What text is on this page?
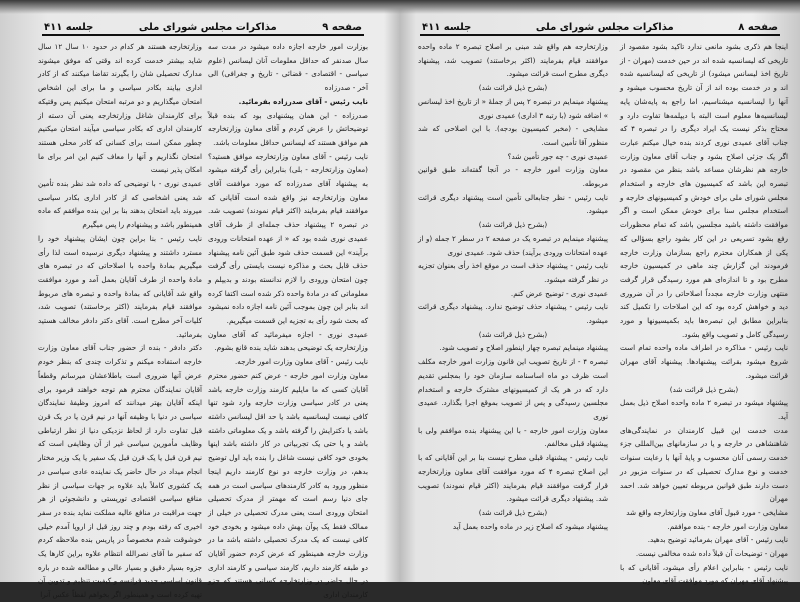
صفحه ۹
مذاکرات مجلس شورای ملی
جلسه ۴۱۱

بوزارت امور خارجه اجازه داده میشود در مدت سه سال صدنفر که حداقل معلومات آنان لیسانس (علوم سیاسی - اقتصادی - قضائی - تاریخ و جغرافی) الی آخر - صدرزاده

نایب رئیس - آقای صدرزاده بفرمائید.

صدرزاده - این همان پیشنهادی بود که بنده قبلاً توضیحاتش را عرض کردم و آقای معاون وزارتخارجه هم موافق هستند که لیسانس حداقل معلومات باشد.

نایب رئیس - آقای معاون وزارتخارجه موافق هستید؟ (معاون وزارتخارجه - بلی) بنابراین رأی گرفته میشود به پیشنهاد آقای صدرزاده که مورد موافقت آقای معاون وزارتخارجه نیز واقع شده است آقایانی که موافقند قیام بفرمایند (اکثر قیام نمودند) تصویب شد. در تبصره ۲ پیشنهاد حذف جمله‌ای از طرف آقای عمیدی نوری شده بود که « از عهده امتحانات ورودی برآیند» این قسمت حذف شود طبق آئین نامه پیشنهاد حذف قابل بحث و مذاکره نیست بایستی رأی گرفت چون امتحان ورودی را لازم ندانسته بودند و بدیپلم و معلوماتی که در مادهٔ واحده ذکر شده است اکتفا کرده اند بنابر این چون بموجب آئین نامه اجازه داده نمیشود که بحث شود رأی به تجزیه این قسمت میگیریم.

عمیدی نوری - اجازه میفرمائید که آقای معاون وزارتخارجه یک توضیحی بدهند شاید بنده قانع بشوم.

نایب رئیس - آقای معاون وزارت امور خارجه.

معاون وزارت امور خارجه - عرض کنم حضور محترم آقایان کسی که ما مایلیم کارمند وزارت خارجه باشد یعنی در کادر سیاسی وزارت خارجه وارد شود تنها کافی نیست لیسانسیه باشد یا حد اقل لیسانس داشته باشد یا دکترایش را گرفته باشد و یک معلوماتی داشته باشد و یا حتی یک تجربیاتی در کار داشته باشد اینها بخودی خود کافی نیست شاغل را بنده باید اول توضیح بدهم، در وزارت خارجه دو نوع کارمند داریم اینجا منظور ورود به کادر کارمندهای سیاسی است در همه جای دنیا رسم است که مهمتر از مدرک تحصیلی امتحان ورودی است یعنی مدرک تحصیلی در خیلی از ممالک فقط یک پوآن بهش داده میشود و بخودی خود کافی نیست که یک مدرک تحصیلی داشته باشد ما در وزارت خارجه همینطور که عرض کردم حضور آقایان دو طبقه کارمند داریم، کارمند سیاسی و کارمند اداری در حال حاضر در وزارتخارجه کسانی هستند که جزو کارمندان اداری

وزارتخارجه هستند هر کدام در حدود ۱۰ سال ۱۲ سال شاید بیشتر خدمت کرده اند وقتی که موفق میشوند مدارک تحصیلی شان را بگیرند تقاضا میکنند که از کادر اداری بیایند بکادر سیاسی و ما برای این اشخاص امتحان میگذاریم و دو مرتبه امتحان میکنیم پس وقتیکه برای کارمندان شاغل وزارتخارجه یعنی آن دسته از کارمندان اداری که بکادر سیاسی میآیند امتحان میکنیم چطور ممکن است برای کسانی که کادر محلی هستند امتحان نگذاریم و آنها را معاف کنیم این امر برای ما امکان پذیر نیست

عمیدی نوری - با توضیحی که داده شد نظر بنده تأمین شد یعنی اشخاصی که از کادر اداری بکادر سیاسی میروند باید امتحان بدهند بنا بر این بنده موافقم که ماده همینطور باشد و پیشنهادم را پس میگیرم

نایب رئیس - بنا براین چون ایشان پیشنهاد خود را مسترد داشتند و پیشنهاد دیگری نرسیده است لذا رأی میگیریم بمادهٔ واحده با اصلاحاتی که در تبصره های مادهٔ واحده از طرف آقایان بعمل آمد و مورد موافقت واقع شد آقایانی که بمادهٔ واحده و تبصره های مربوط موافقند قیام بفرمایند (اکثر برخاستند) تصویب شد، کلیات آخر مطرح است. آقای دکتر دادفر مخالف هستید بفرمائید.

دکتر دادفر - بنده از حضور جناب آقای معاون وزارت خارجه استفاده میکنم و تذکرات چندی که بنظر خودم عرض آنها ضروری است باطلاعشان میرسانم وقطعاً آقایان نمایندگان محترم هم توجه خواهند فرمود برای اینکه آقایان بهتر میدانند که امروز وظیفهٔ نمایندگان سیاسی در دنیا با وظیفه آنها در نیم قرن یا در یک قرن قبل تفاوت دارد از لحاظ نزدیکی دنیا از نظر ارتباطی وظایف مأمورین سیاسی غیر از آن وظایفی است که نیم قرن قبل یا یک قرن قبل یک سفیر یا یک وزیر مختار انجام میداد در حال حاضر یک نماینده عادی سیاسی در یک کشوری کاملاً باید علاوه بر جهات سیاسی از نظر منافع سیاسی اقتصادی توریستی و دانشجوئی از هر جهت مراقبت در منافع عالیه مملکت نماید بنده در سفر اخیری که رفته بودم و چند روز قبل از اروپا آمدم خیلی خوشوقت شدم مخصوصاً در پاریس بنده ملاحظه کردم که سفیر ما آقای نصرالله انتظام علاوه براین کارها یک جزوه بسیار دقیق و بسیار عالی و مطالعه شده در باره قانون اساسی جدید فرانسه و کیفیت تنظیم و تدوین آن تهیه کرده است و همینطور اگر بخواهم لفظاً عکس آنرا

صفحه ۸
مذاکرات مجلس شورای ملی
جلسه ۴۱۱

اینجا هم ذکری بشود مانعی ندارد تاکید بشود مقصود از تاریخی که لیسانسیه شده اند در حین خدمت (مهران - از تاریخ اخذ لیسانس میشود) از تاریخی که لیسانسیه شده اند و در خدمت بوده اند از آن تاریخ محسوب میشود و آنها را لیسانسیه میشناسیم، اما راجع به پایه‌شان پایه لیسانسیه‌ها معلوم است البته با دیپلمه‌ها تفاوت دارد و محتاج بذکر نیست یک ایراد دیگری را در تبصره ۴ که جناب آقای عمیدی نوری کردند بنده خیال میکنم عبارت اگر یک جزئی اصلاح بشود و جناب آقای معاون وزارت خارجه هم نظرشان مساعد باشد بنظر من مقصود در تبصره این باشد که کمیسیون های خارجه و استخدام مجلس شورای ملی برای خودش و کمیسیونهای خارجه و استخدام مجلس سنا برای خودش ممکن است و اگر موافقت داشته باشید مجلسین باشد که تمام محظورات رفع بشود تسریعی در این کار بشود راجع بسؤالی که یکی از همکاران محترم راجع بسازمان وزارت خارجه فرمودند این گزارش چند ماهی در کمیسیون خارجه مطرح بود و تا اندازه‌ای هم مورد رسیدگی قرار گرفت منتهی وزارت خارجه مجدداً اصلاحاتی را در آن ضروری دید و خواهش کرده بود که این اصلاحات را تکمیل کند بنابراین مطابق این تبصره‌ها باید بکمیسیونها و مورد رسیدگی کامل و تصویب واقع بشود.

نایب رئیس - مذاکره در اطراف ماده واحده تمام است شروع میشود بقرائت پیشنهادها. پیشنهاد آقای مهران قرائت میشود.

(بشرح ذیل قرائت شد)

پیشنهاد میشود در تبصره ۲ ماده واحده اصلاح ذیل بعمل آید.

مدت خدمت این قبیل کارمندان در نمایندگی‌های شاهنشاهی در خارجه و یا در سازمانهای بین‌المللی جزء خدمت رسمی آنان محسوب و پایهٔ آنها با رعایت سنوات خدمت و نوع مدارک تحصیلی که در سنوات مزبور در دست دارند طبق قوانین مربوطه تعیین خواهد شد. احمد مهران

مشایخی - مورد قبول آقای معاون وزارتخارجه واقع شد

معاون وزارت امور خارجه - بنده موافقم.

نایب رئیس - آقای مهران بفرمائید توضیح بدهید.

مهران - توضیحات آن قبلاً داده شده مخالفی نیست.

نایب رئیس - بنابراین اعلام رأی میشود، آقایانی که با پیشنهاد آقای مهران که مورد موافقت آقای معاون

وزارتخارجه هم واقع شد مبنی بر اصلاح تبصره ۲ ماده واحده موافقند قیام بفرمایند (اکثر برخاستند) تصویب شد، پیشنهاد دیگری مطرح است قرائت میشود.

(بشرح ذیل قرائت شد)

پیشنهاد مینمایم در تبصره ۲ پس از جملهٔ « از تاریخ اخذ لیسانس » اضافه شود (با رتبه ۳ اداری) عمیدی نوری

مشایخی - (مخبر کمیسیون بودجه). با این اصلاحی که شد منظور آقا تأمین است.

عمیدی نوری - چه جور تأمین شد؟

معاون وزارت امور خارجه - در آنجا گفته‌اند طبق قوانین مربوطه.

نایب رئیس - نظر جنابعالی تأمین است پیشنهاد دیگری قرائت میشود.

(بشرح ذیل قرائت شد)

پیشنهاد مینمایم در تبصره یک در صفحه ۲ در سطر ۲ جمله (و از عهده امتحانات ورودی برآیند) حذف شود. عمیدی نوری

نایب رئیس - پیشنهاد حذف است در موقع اخذ رأی بعنوان تجزیه در نظر گرفته میشود.

عمیدی نوری - توضیح عرض کنم.

نایب رئیس - پیشنهاد حذف توضیح ندارد. پیشنهاد دیگری قرائت میشود.

(بشرح ذیل قرائت شد)

پیشنهاد مینمایم تبصره چهار اینطور اصلاح و تصویب شود.

تبصره ۴ - از تاریخ تصویب این قانون وزارت امور خارجه مکلف است ظرف دو ماه اساسنامه سازمان خود را بمجلس تقدیم دارد که در هر یک از کمیسیونهای مشترک خارجه و استخدام مجلسین رسیدگی و پس از تصویب بموقع اجرا بگذارد. عمیدی نوری

معاون وزارت امور خارجه - با این پیشنهاد بنده موافقم ولی با پیشنهاد قبلی مخالفم.

نایب رئیس - پیشنهاد قبلی مطرح نیست بنا بر این آقایانی که با این اصلاح تبصره ۴ که مورد موافقت آقای معاون وزارتخارجه قرار گرفت موافقند قیام بفرمایند (اکثر قیام نمودند) تصویب شد. پیشنهاد دیگری قرائت میشود.

(بشرح ذیل قرائت شد)

پیشنهاد میشود که اصلاح زیر در ماده واحده بعمل آید
